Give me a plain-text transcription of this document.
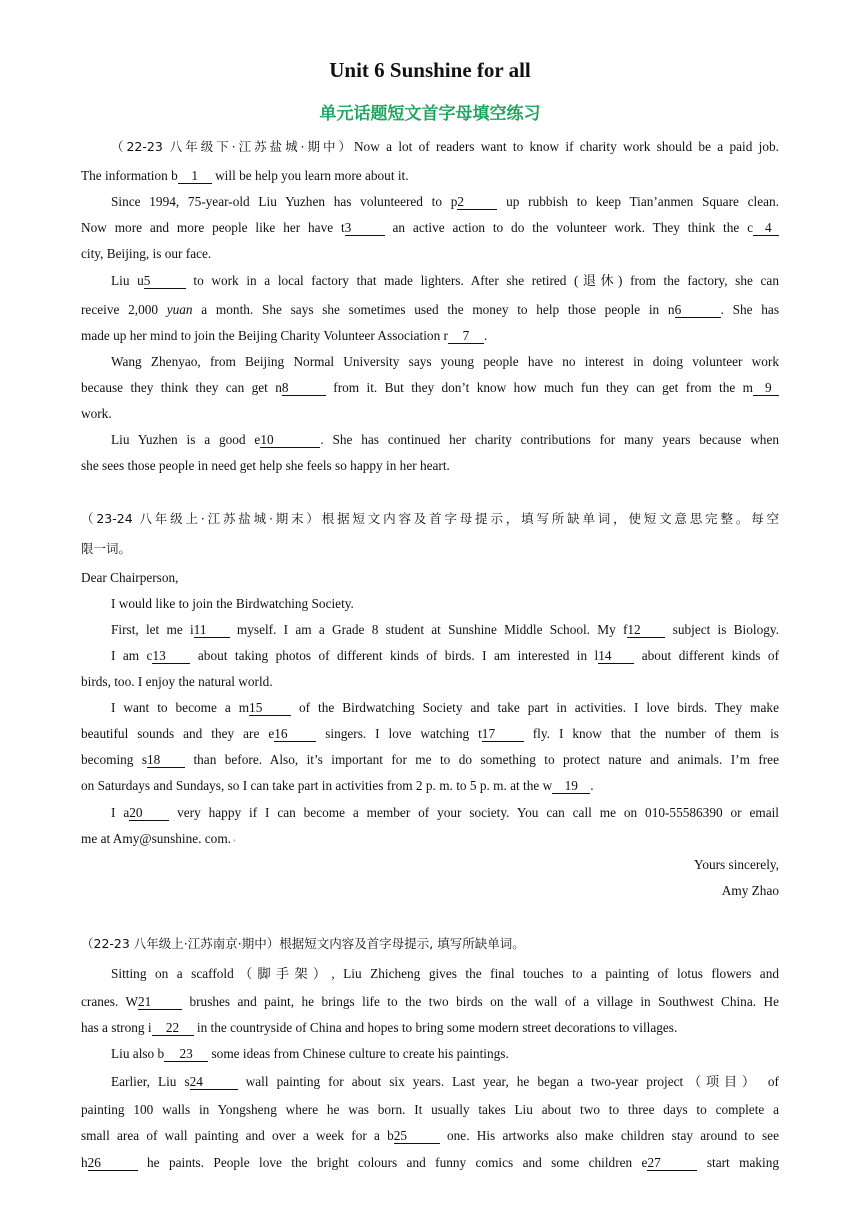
Unit 6 Sunshine for all
单元话题短文首字母填空练习
（22-23 八年级下·江苏盐城·期中）Now a lot of readers want to know if charity work should be a paid job.
The information b 1 will be help you learn more about it.
Since 1994, 75-year-old Liu Yuzhen has volunteered to p2	up rubbish to keep Tian’anmen Square clean.
Now more and more people like her have t3	an active action to do the volunteer work. They think the c 4
city, Beijing, is our face.
Liu u5	to work in a local factory that made lighters. After she retired (退休) from the factory, she can
receive 2,000 yuan a month. She says she sometimes used the money to help those people in n6	. She has
made up her mind to join the Beijing Charity Volunteer Association r 7 .
Wang Zhenyao, from Beijing Normal University says young people have no interest in doing volunteer work
because they think they can get n8	from it. But they don’t know how much fun they can get from the m 9
work.
Liu Yuzhen is a good e10	. She has continued her charity contributions for many years because when
she sees those people in need get help she feels so happy in her heart.
（23-24 八年级上·江苏盐城·期末）根据短文内容及首字母提示，填写所缺单词，使短文意思完整。每空
限一词。
Dear Chairperson,
I would like to join the Birdwatching Society.
First, let me i11 myself. I am a Grade 8 student at Sunshine Middle School. My f12 subject is Biology.
I am c13 about taking photos of different kinds of birds. I am interested in l14 about different kinds of
birds, too. I enjoy the natural world.
I want to become a m15 of the Birdwatching Society and take part in activities. I love birds. They make
beautiful sounds and they are e16 singers. I love watching t17 fly. I know that the number of them is
becoming s18 than before. Also, it’s important for me to do something to protect nature and animals. I’m free
on Saturdays and Sundays, so I can take part in activities from 2 p. m. to 5 p. m. at the w 19 .
I a20 very happy if I can become a member of your society. You can call me on 010-55586390 or email
me at Amy@sunshine. com. ▪
Yours sincerely,
Amy Zhao
（22-23 八年级上·江苏南京·期中）根据短文内容及首字母提示, 填写所缺单词。
Sitting on a scaffold（脚手架）, Liu Zhicheng gives the final touches to a painting of lotus flowers and
cranes. W21 brushes and paint, he brings life to the two birds on the wall of a village in Southwest China. He
has a strong i 22 in the countryside of China and hopes to bring some modern street decorations to villages.
Liu also b 23 some ideas from Chinese culture to create his paintings.
Earlier, Liu s24	wall painting for about six years. Last year, he began a two-year project（项目） of
painting 100 walls in Yongsheng where he was born. It usually takes Liu about two to three days to complete a
small area of wall painting and over a week for a b25 one. His artworks also make children stay around to see
h26	he paints. People love the bright colours and funny comics and some children e27	start making
